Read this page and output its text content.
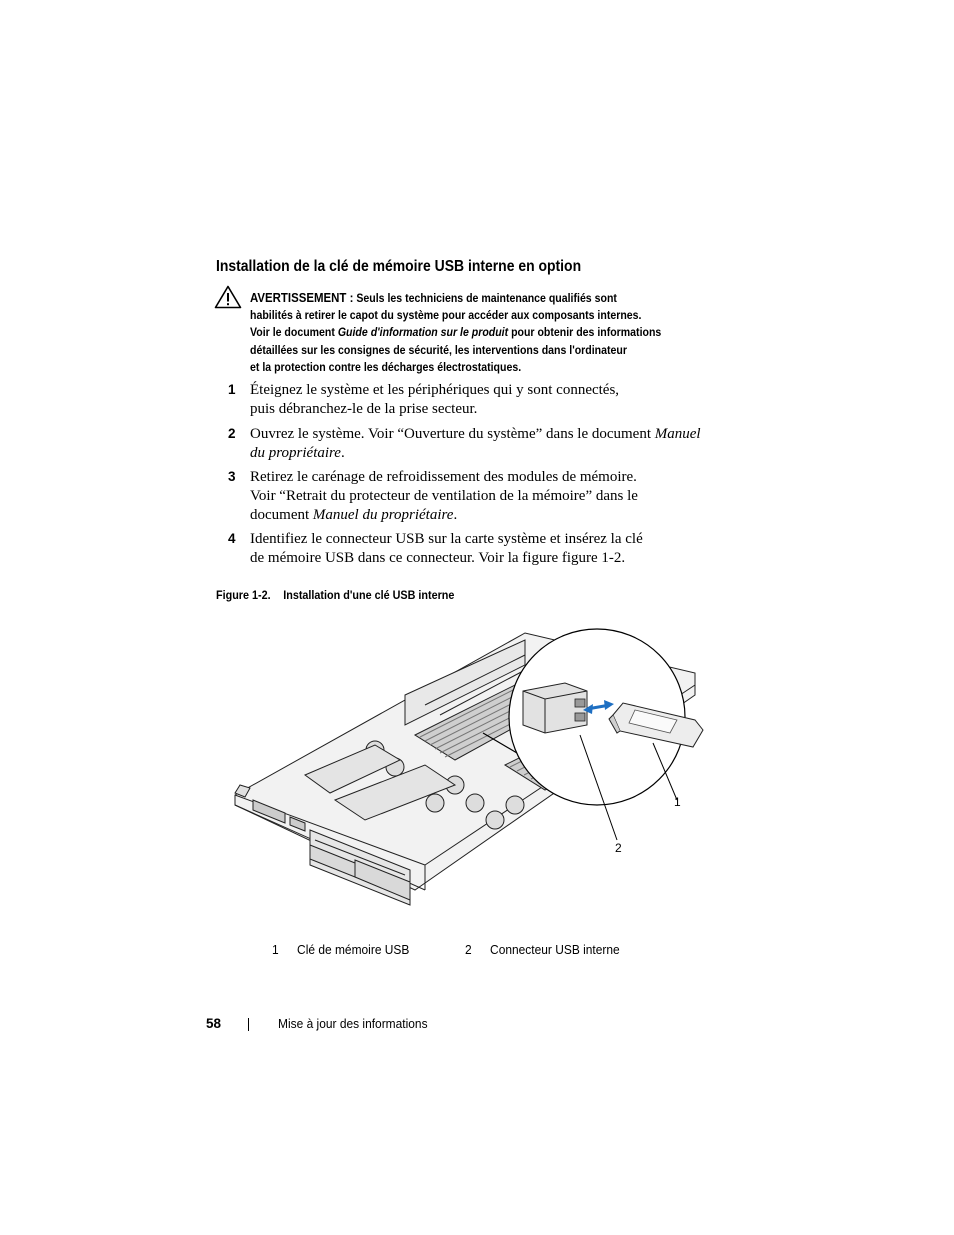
Installation de la clé de mémoire USB interne en option
AVERTISSEMENT : Seuls les techniciens de maintenance qualifiés sont
habilités à retirer le capot du système pour accéder aux composants internes.
Voir le document Guide d'information sur le produit pour obtenir des informations
détaillées sur les consignes de sécurité, les interventions dans l'ordinateur
et la protection contre les décharges électrostatiques.
1 Éteignez le système et les périphériques qui y sont connectés,
puis débranchez-le de la prise secteur.
2 Ouvrez le système. Voir “Ouverture du système” dans le document Manuel
du propriétaire.
3 Retirez le carénage de refroidissement des modules de mémoire.
Voir “Retrait du protecteur de ventilation de la mémoire” dans le
document Manuel du propriétaire.
4 Identifiez le connecteur USB sur la carte système et insérez la clé
de mémoire USB dans ce connecteur. Voir la figure figure 1-2.
Figure 1-2. Installation d'une clé USB interne
1
2
1 Clé de mémoire USB	2 Connecteur USB interne
58	Mise à jour des informations
